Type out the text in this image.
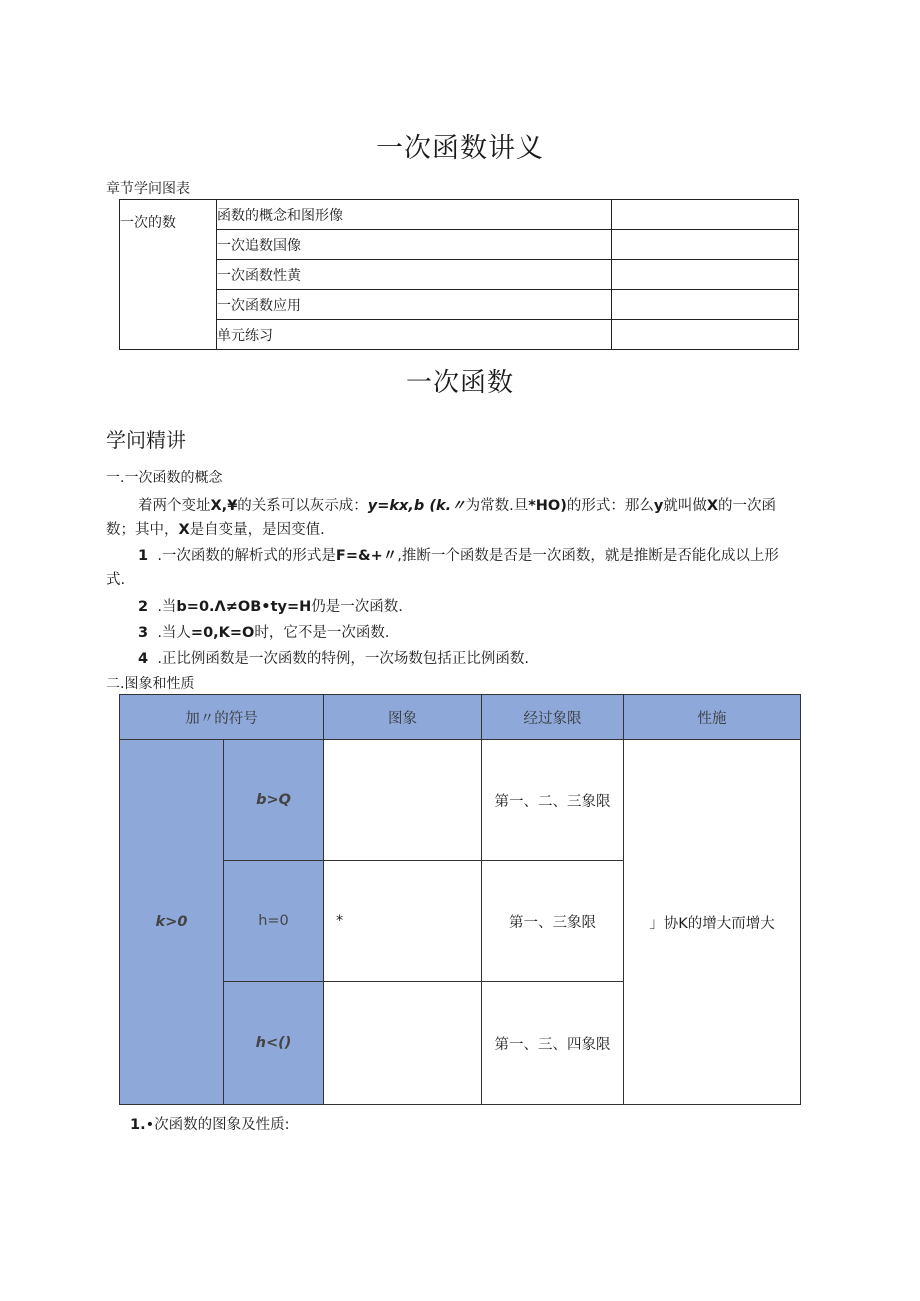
一次函数讲义
章节学问图表
一次的数	函数的概念和图形像	
	一次追数国像	
	一次函数性黄	
	一次函数应用	
	单元练习	
一次函数
学问精讲
一.一次函数的概念
着两个变址X,¥的关系可以灰示成：y=kx,b (k.〃为常数.旦*HO)的形式：那么y就叫做X的一次函
数；其中，X是自变量，是因变值.
1 .一次函数的解析式的形式是F=&+〃,推断一个函数是否是一次函数，就是推断是否能化成以上形
式.
2 .当b=0.Λ≠OB•ty=H仍是一次函数.
3 .当人=0,K=O时，它不是一次函数.
4 .正比例函数是一次函数的特例，一次场数包括正比例函数.
二.图象和性质
加〃的符号		图象	经过象限	性施
k>0	b>Q		第一、二、三象限	」协K的增大而增大
	h=0	*	第一、三象限	
	h<()		第一、三、四象限	
1.•次函数的图象及性质:
